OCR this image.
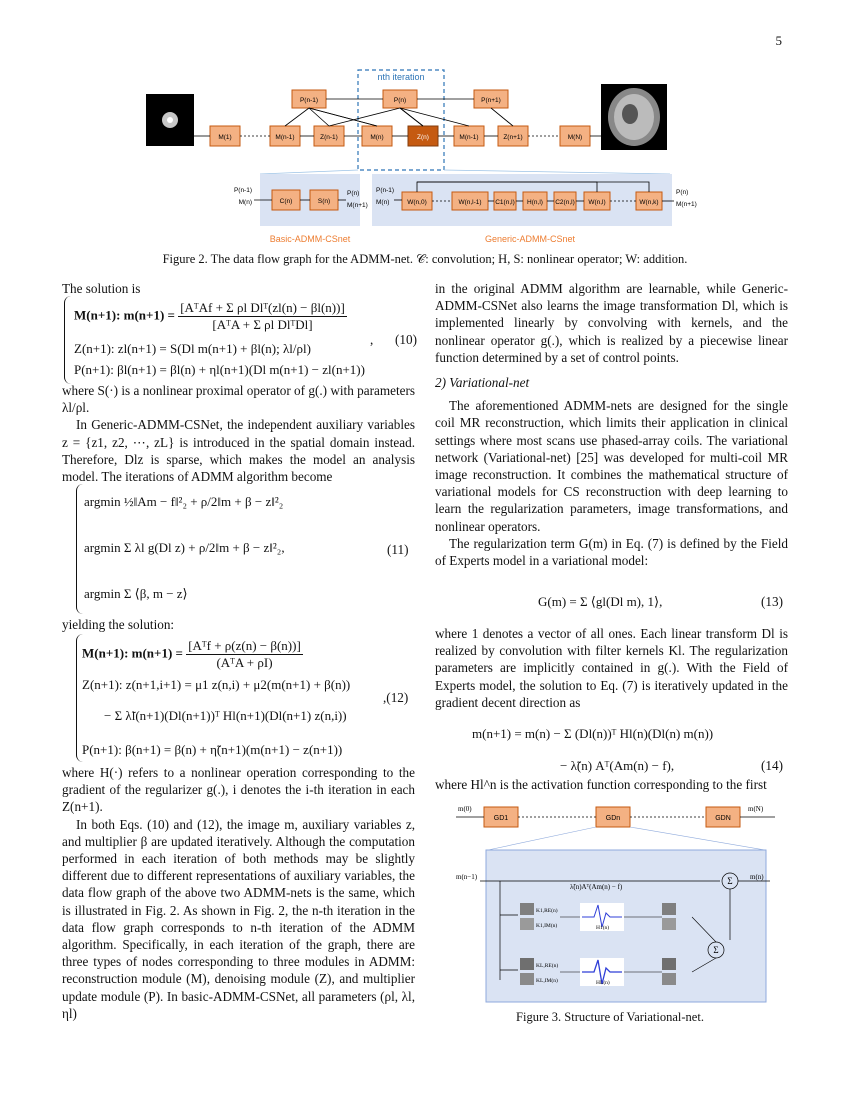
5
nth iteration
P(n-1)	P(n)	P(n+1)
M(1)	M(n-1)	Z(n-1)	M(n)	Z(n)	M(n-1)	Z(n+1)	M(N)
P(n-1)
M(n)	C(n)	S(n)
P(n)
M(n+1)
P(n-1)
M(n)	W(n,0)	W(n,l-1) C1(n,l) H(n,l) C2(n,l) W(n,l)	W(n,k)
P(n)
M(n+1)
Basic-ADMM-CSnet	Generic-ADMM-CSnet
Figure 2. The data flow graph for the ADMM-net. 𝒞: convolution; H, S: nonlinear operator; W: addition.

The solution is

M(n+1): $m(n+1) = \frac{\text{[AᵀAf + Σ ρl Dlᵀ(zl(n) − βl(n))]}}{\text{[AᵀA + Σ ρl DlᵀDl]}}$
Z(n+1): zl(n+1) = S(Dl m(n+1) + βl(n); λl/ρl)
P(n+1): βl(n+1) = βl(n) + ηl(n+1)(Dl m(n+1) − zl(n+1))
, (10)

where S(·) is a nonlinear proximal operator of g(.) with parameters λl/ρl.

In Generic-ADMM-CSNet, the independent auxiliary variables z = {z1, z2, ⋯, zL} is introduced in the spatial domain instead. Therefore, Dlz is sparse, which makes the model an analysis model. The iterations of ADMM algorithm become

argmin ½‖Am − f‖²₂ + ρ/2‖m + β − z‖²₂
argmin Σ λl g(Dl z) + ρ/2‖m + β − z‖²₂,
argmin Σ ⟨β, m − z⟩
(11)

yielding the solution:

M(n+1): $m(n+1) = \frac{\text{[Aᵀf + ρ(z(n) − β(n))]}}{\text{(AᵀA + ρI)}}$
Z(n+1): z(n+1,i+1) = μ1 z(n,i) + μ2(m(n+1) + β(n))
− Σ λ̃l(n+1)(Dl(n+1))ᵀ Hl(n+1)(Dl(n+1) z(n,i))
P(n+1): β(n+1) = β(n) + η̃(n+1)(m(n+1) − z(n+1))
,(12)

where H(·) refers to a nonlinear operation corresponding to the gradient of the regularizer g(.), i denotes the i-th iteration in each Z(n+1).

In both Eqs. (10) and (12), the image m, auxiliary variables z, and multiplier β are updated iteratively. Although the computation performed in each iteration of both methods may be slightly different due to different representations of auxiliary variables, the data flow graph of the above two ADMM-nets is the same, which is illustrated in Fig. 2. As shown in Fig. 2, the n-th iteration in the data flow graph corresponds to n-th iteration of the ADMM algorithm. Specifically, in each iteration of the graph, there are three types of nodes corresponding to three modules in ADMM: reconstruction module (M), denoising module (Z), and multiplier update module (P). In basic-ADMM-CSNet, all parameters (ρl, λl, ηl)

in the original ADMM algorithm are learnable, while Generic-ADMM-CSNet also learns the image transformation Dl, which is implemented linearly by convolving with kernels, and the nonlinear operator g(.), which is realized by a piecewise linear function determined by a set of control points.

2) Variational-net

The aforementioned ADMM-nets are designed for the single coil MR reconstruction, which limits their application in clinical settings where most scans use phased-array coils. The variational network (Variational-net) [25] was developed for multi-coil MR image reconstruction. It combines the mathematical structure of variational models for CS reconstruction with deep learning to learn the regularization parameters, image transformations, and nonlinear operators.

The regularization term G(m) in Eq. (7) is defined by the Field of Experts model in a variational model:

G(m) = Σ ⟨gl(Dl m), 1⟩,	(13)

where 1 denotes a vector of all ones. Each linear transform Dl is realized by convolution with filter kernels Kl. The regularization parameters are implicitly contained in g(.). With the Field of Experts model, the solution to Eq. (7) is iteratively updated in the gradient decent direction as

m(n+1) = m(n) − Σ (Dl(n))ᵀ Hl(n)(Dl(n) m(n))
− λ̃(n) Aᵀ(Am(n) − f),	(14)

where Hl^n is the activation function corresponding to the first

m(0)	m(N)
GD1	GDn	GDN
m(n−1)	m(n)
λ̃(n)Aᵀ(Am(n) − f)
Σ
Σ
K1,RE(n)
K1,IM(n)
KL,RE(n)
KL,IM(n)
H1(n)
HL(n)
Figure 3. Structure of Variational-net.
